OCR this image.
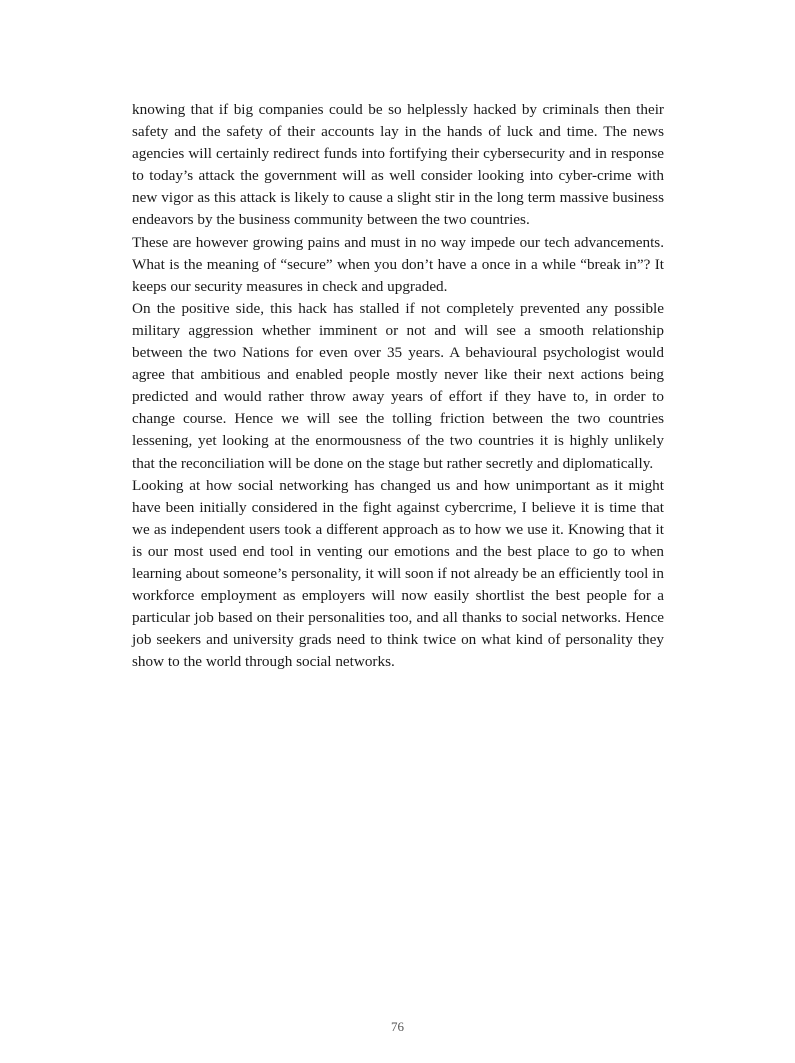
knowing that if big companies could be so helplessly hacked by criminals then their safety and the safety of their accounts lay in the hands of luck and time. The news agencies will certainly redirect funds into fortifying their cybersecurity and in response to today’s attack the government will as well consider looking into cyber-crime with new vigor as this attack is likely to cause a slight stir in the long term massive business endeavors by the business community between the two countries.

These are however growing pains and must in no way impede our tech advancements. What is the meaning of “secure” when you don’t have a once in a while “break in”? It keeps our security measures in check and upgraded.

On the positive side, this hack has stalled if not completely prevented any possible military aggression whether imminent or not and will see a smooth relationship between the two Nations for even over 35 years. A behavioural psychologist would agree that ambitious and enabled people mostly never like their next actions being predicted and would rather throw away years of effort if they have to, in order to change course. Hence we will see the tolling friction between the two countries lessening, yet looking at the enormousness of the two countries it is highly unlikely that the reconciliation will be done on the stage but rather secretly and diplomatically.

Looking at how social networking has changed us and how unimportant as it might have been initially considered in the fight against cybercrime, I believe it is time that we as independent users took a different approach as to how we use it. Knowing that it is our most used end tool in venting our emotions and the best place to go to when learning about someone’s personality, it will soon if not already be an efficiently tool in workforce employment as employers will now easily shortlist the best people for a particular job based on their personalities too, and all thanks to social networks. Hence job seekers and university grads need to think twice on what kind of personality they show to the world through social networks.

76
